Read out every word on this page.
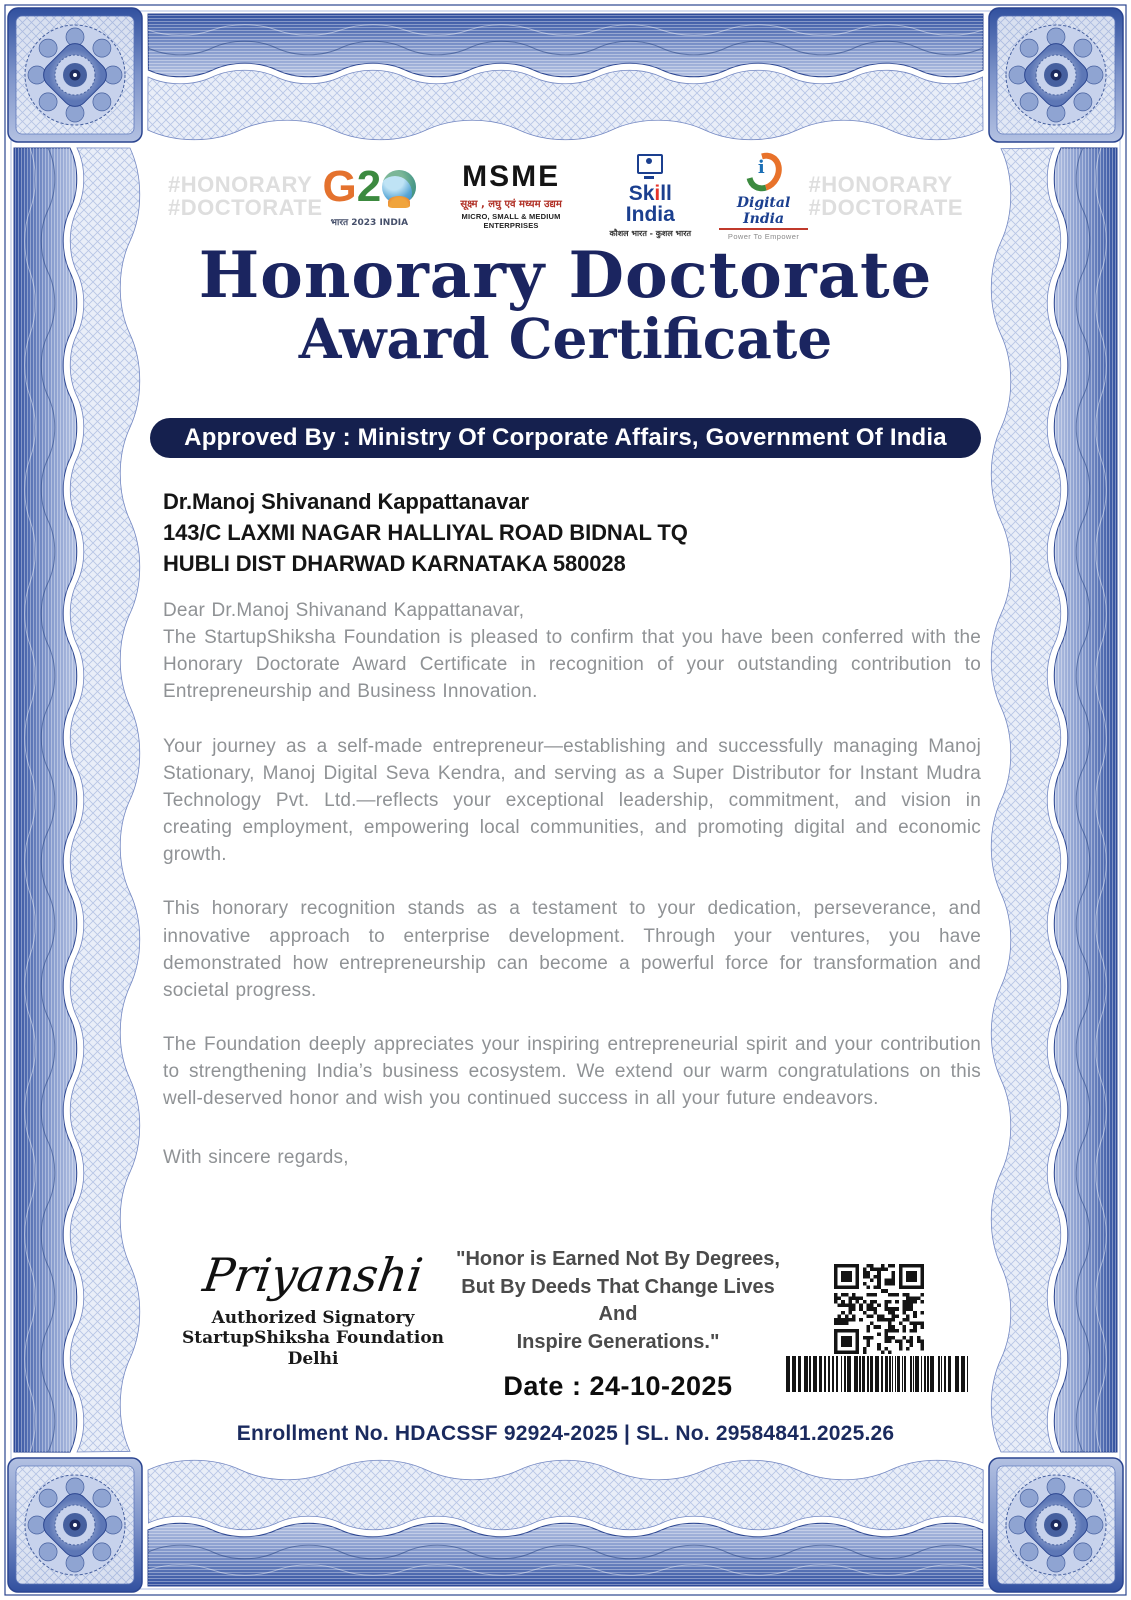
#HONORARY
#DOCTORATE G 2
भारत 2023 INDIA
MSME
सूक्ष्म , लघु एवं मध्यम उद्यम
MICRO, SMALL & MEDIUM ENTERPRISES
Skill India
कौशल भारत - कुशल भारत
i
Digital India
Power To Empower
#HONORARY
#DOCTORATE
Honorary Doctorate
Award Certificate
Approved By : Ministry Of Corporate Affairs, Government Of India
Dr.Manoj Shivanand Kappattanavar
143/C LAXMI NAGAR HALLIYAL ROAD BIDNAL TQ
HUBLI DIST DHARWAD KARNATAKA 580028

Dear Dr.Manoj Shivanand Kappattanavar,

The StartupShiksha Foundation is pleased to confirm that you have been conferred with the Honorary Doctorate Award Certificate in recognition of your outstanding contribution to Entrepreneurship and Business Innovation.

Your journey as a self-made entrepreneur—establishing and successfully managing Manoj Stationary, Manoj Digital Seva Kendra, and serving as a Super Distributor for Instant Mudra Technology Pvt. Ltd.—reflects your exceptional leadership, commitment, and vision in creating employment, empowering local communities, and promoting digital and economic growth.

This honorary recognition stands as a testament to your dedication, perseverance, and innovative approach to enterprise development. Through your ventures, you have demonstrated how entrepreneurship can become a powerful force for transformation and societal progress.

The Foundation deeply appreciates your inspiring entrepreneurial spirit and your contribution to strengthening India’s business ecosystem. We extend our warm congratulations on this well-deserved honor and wish you continued success in all your future endeavors.

With sincere regards,

Priyanshi
Authorized Signatory
StartupShiksha Foundation Delhi
"Honor is Earned Not By Degrees,
But By Deeds That Change Lives And
Inspire Generations."
Date : 24-10-2025
Enrollment No. HDACSSF 92924-2025 | SL. No. 29584841.2025.26
